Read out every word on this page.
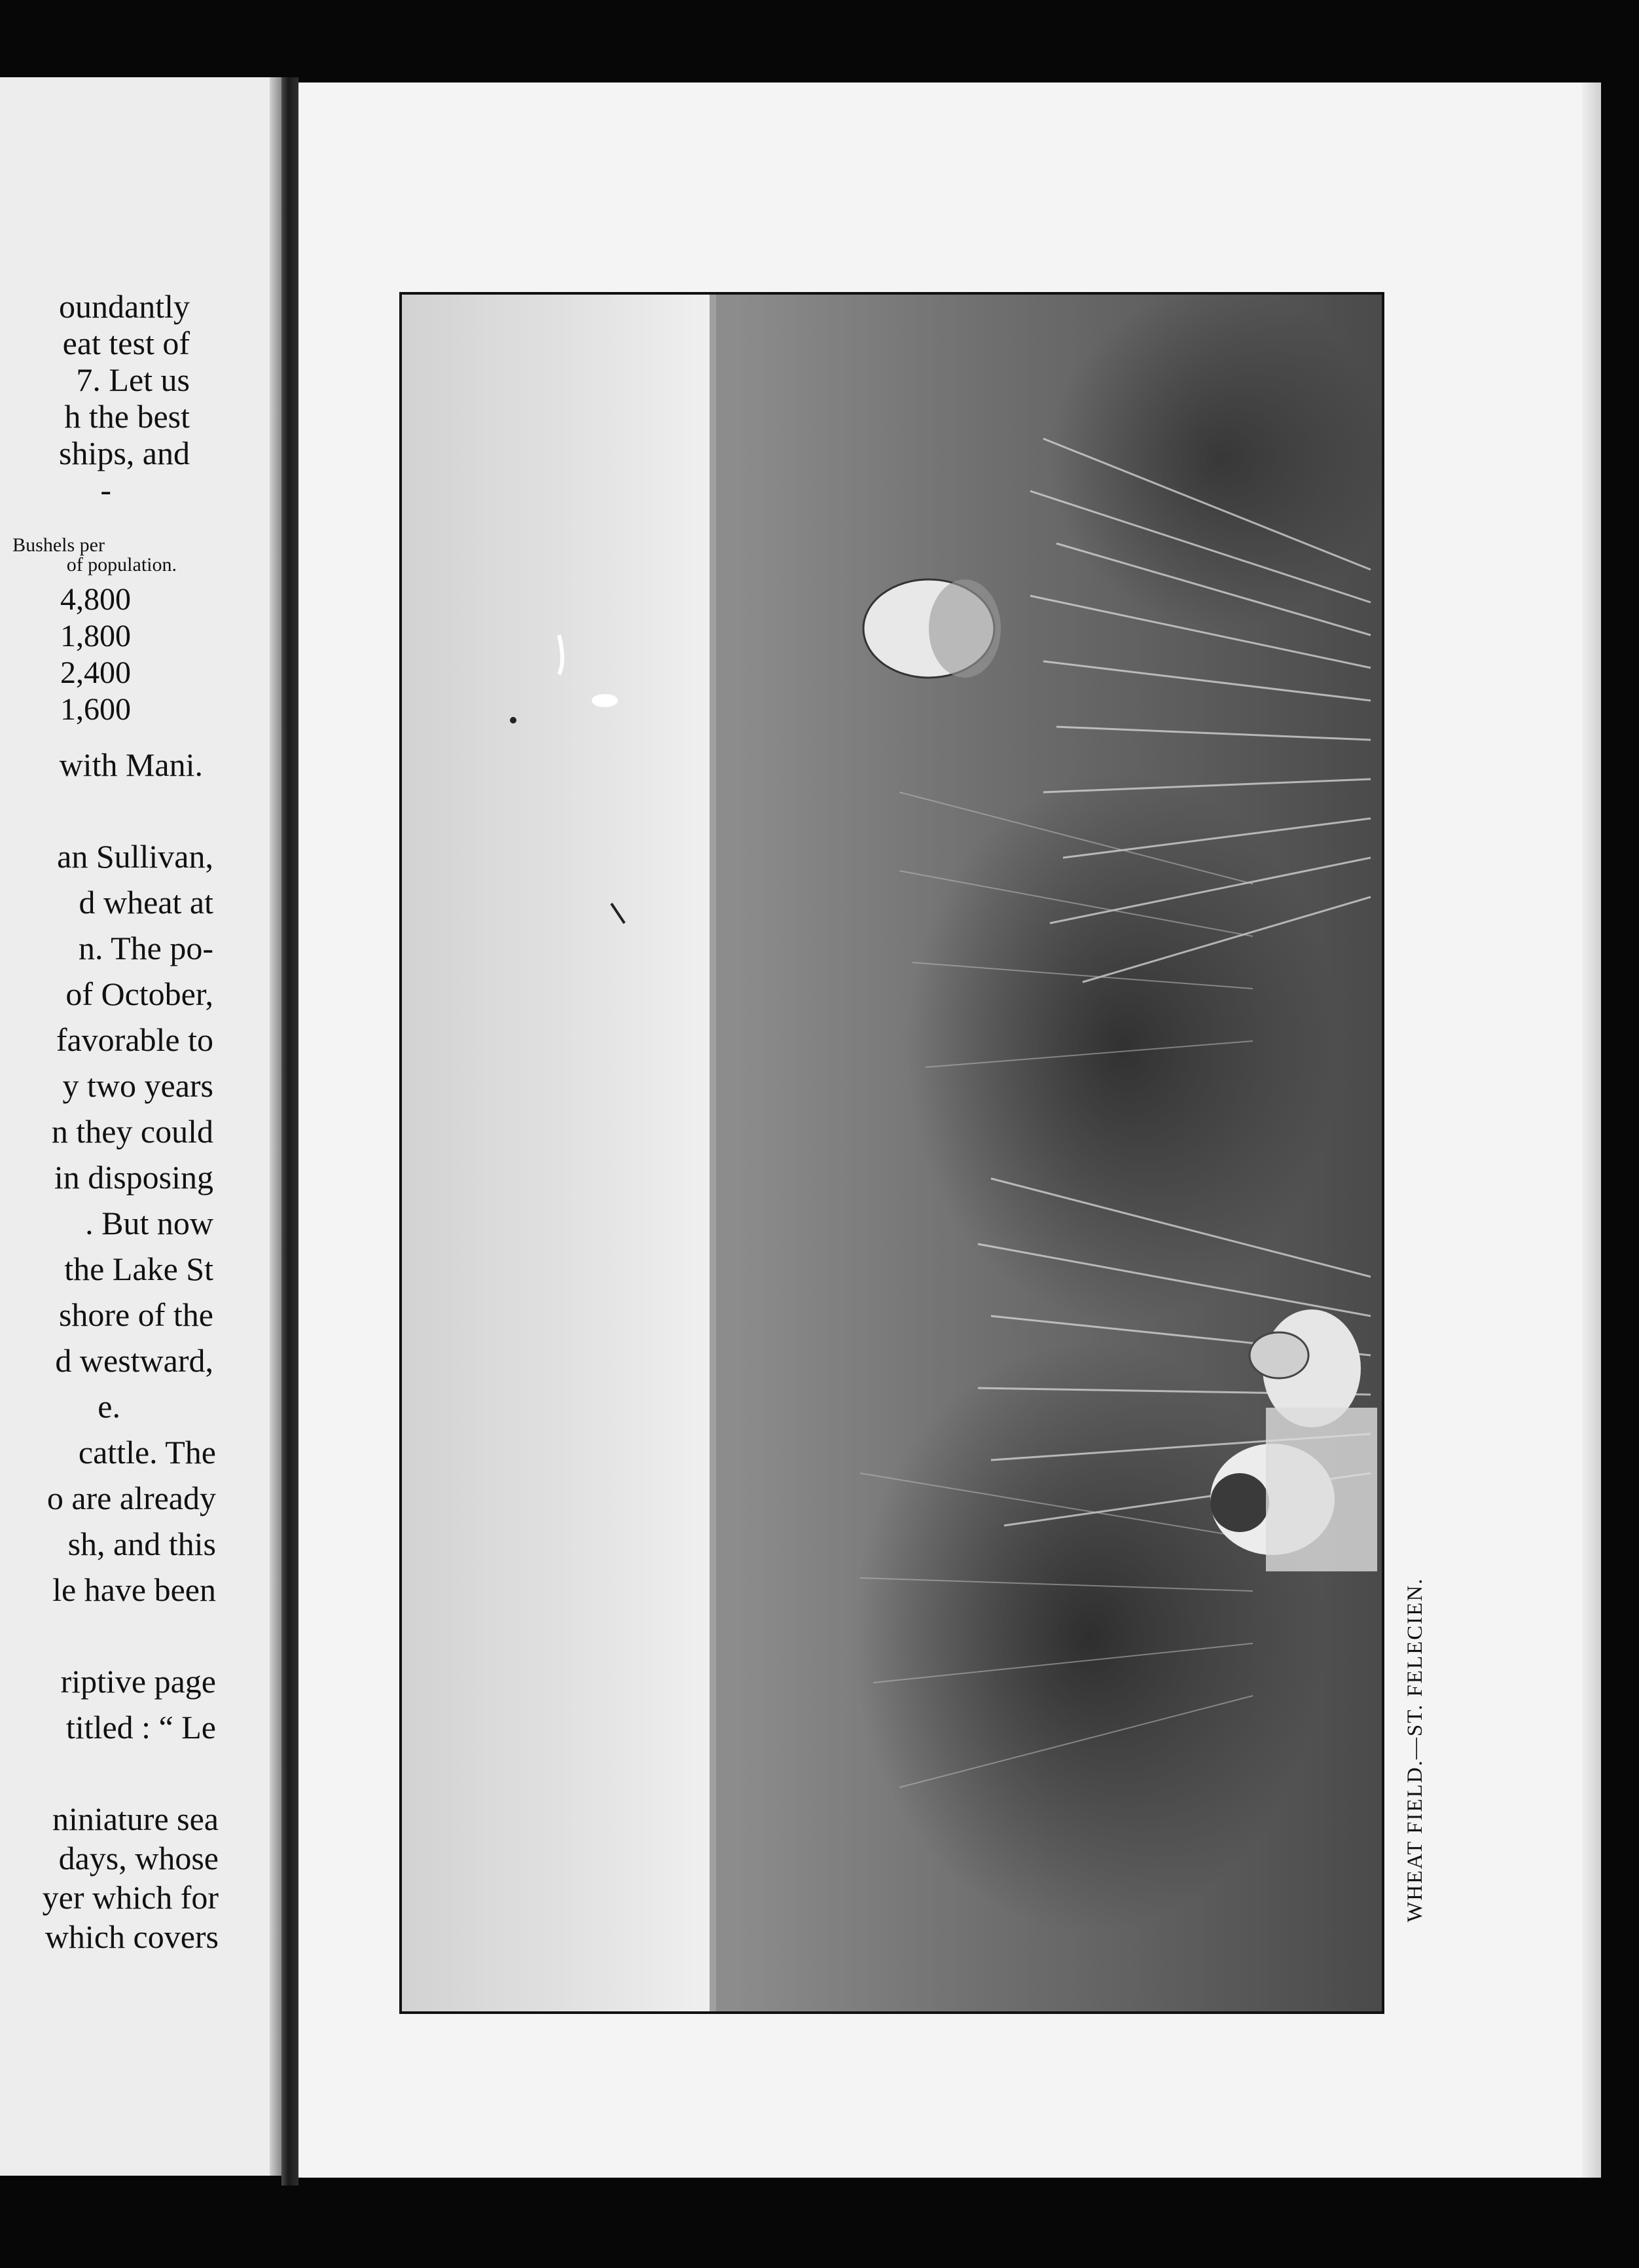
oundantly
eat test of
7. Let us
h the best
ships, and
-
Bushels per
of population.
4,800
1,800
2,400
1,600
with Mani.
an Sullivan,
d wheat at
n. The po-
of October,
favorable to
y two years
n they could
in disposing
. But now
the Lake St
shore of the
d westward,
e.
cattle. The
o are already
sh, and this
le have been
riptive page
titled : “ Le
niniature sea
days, whose
yer which for
which covers
WHEAT FIELD.—ST. FELECIEN.
